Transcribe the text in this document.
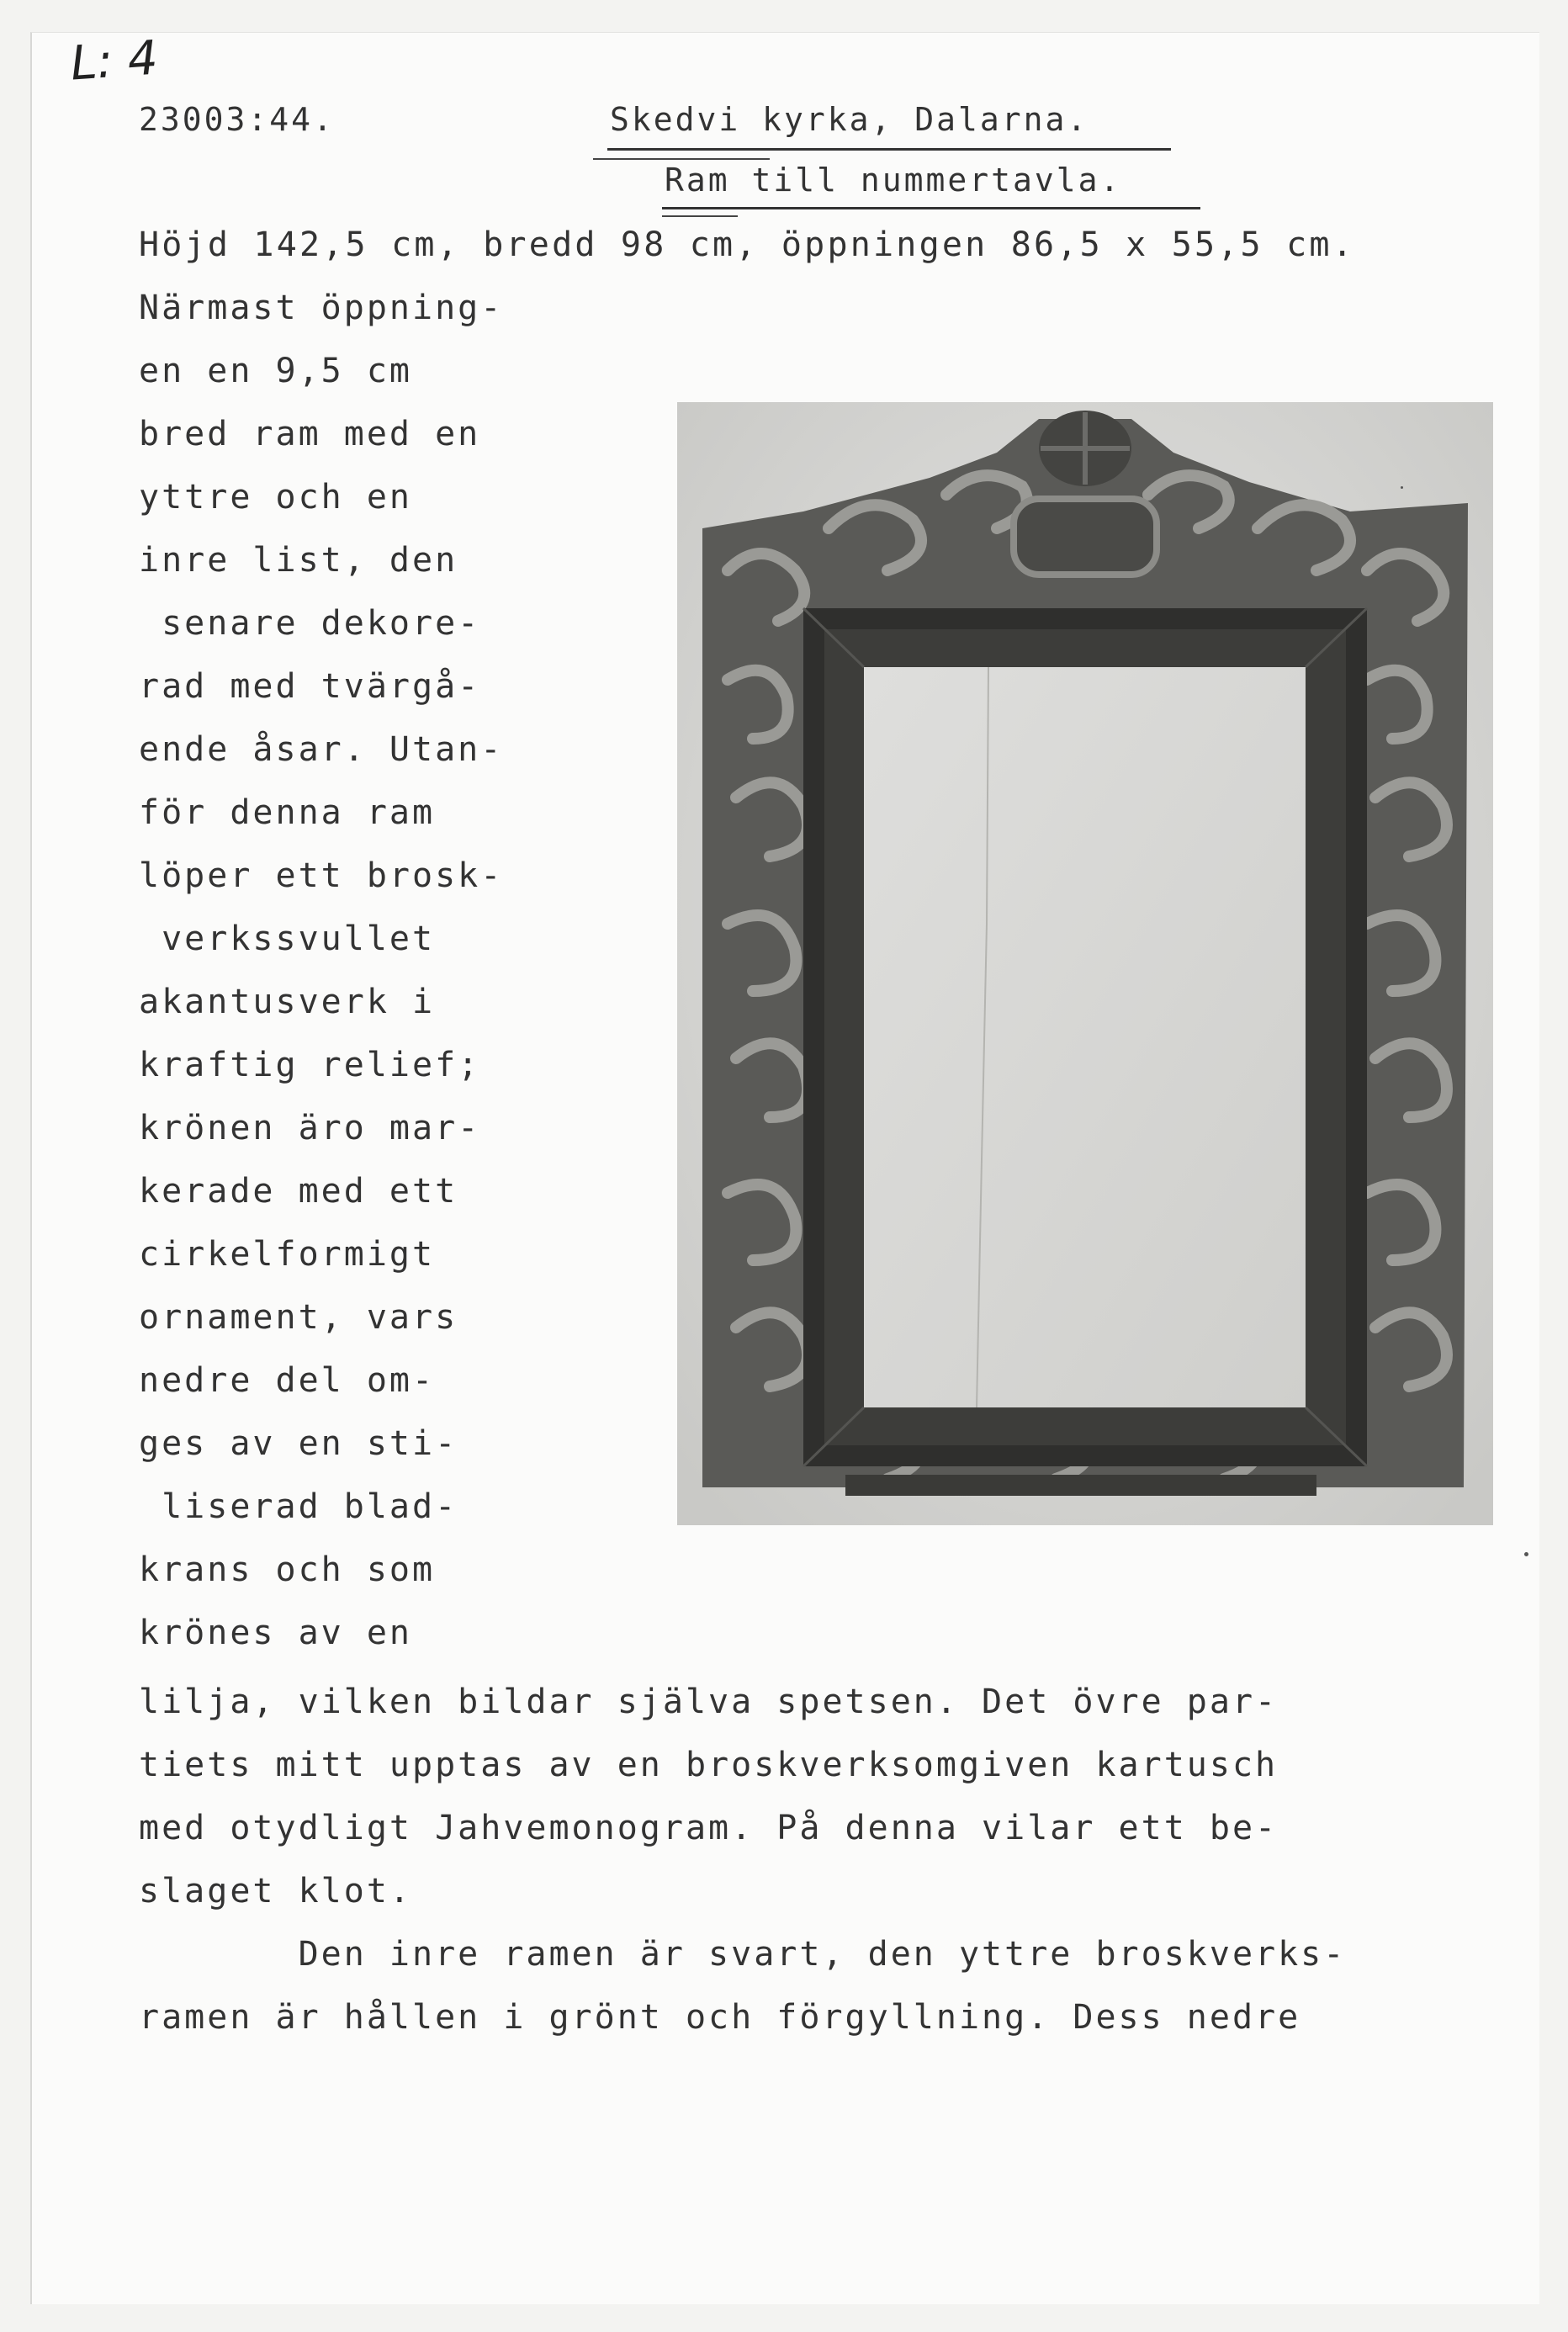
L: 4
23003:44.	Skedvi kyrka, Dalarna.
Ram till nummertavla.
Höjd 142,5 cm, bredd 98 cm, öppningen 86,5 x 55,5 cm.
Närmast öppning-
en en 9,5 cm
bred ram med en
yttre och en
inre list, den
senare dekore-
rad med tvärgå-
ende åsar. Utan-
för denna ram
löper ett brosk-
verkssvullet
akantusverk i
kraftig relief;
krönen äro mar-
kerade med ett
cirkelformigt
ornament, vars
nedre del om-
ges av en sti-
liserad blad-
krans och som
krönes av en
lilja, vilken bildar själva spetsen. Det övre par-
tiets mitt upptas av en broskverksomgiven kartusch
med otydligt Jahvemonogram. På denna vilar ett be-
slaget klot.
Den inre ramen är svart, den yttre broskverks-
ramen är hållen i grönt och förgyllning. Dess nedre
